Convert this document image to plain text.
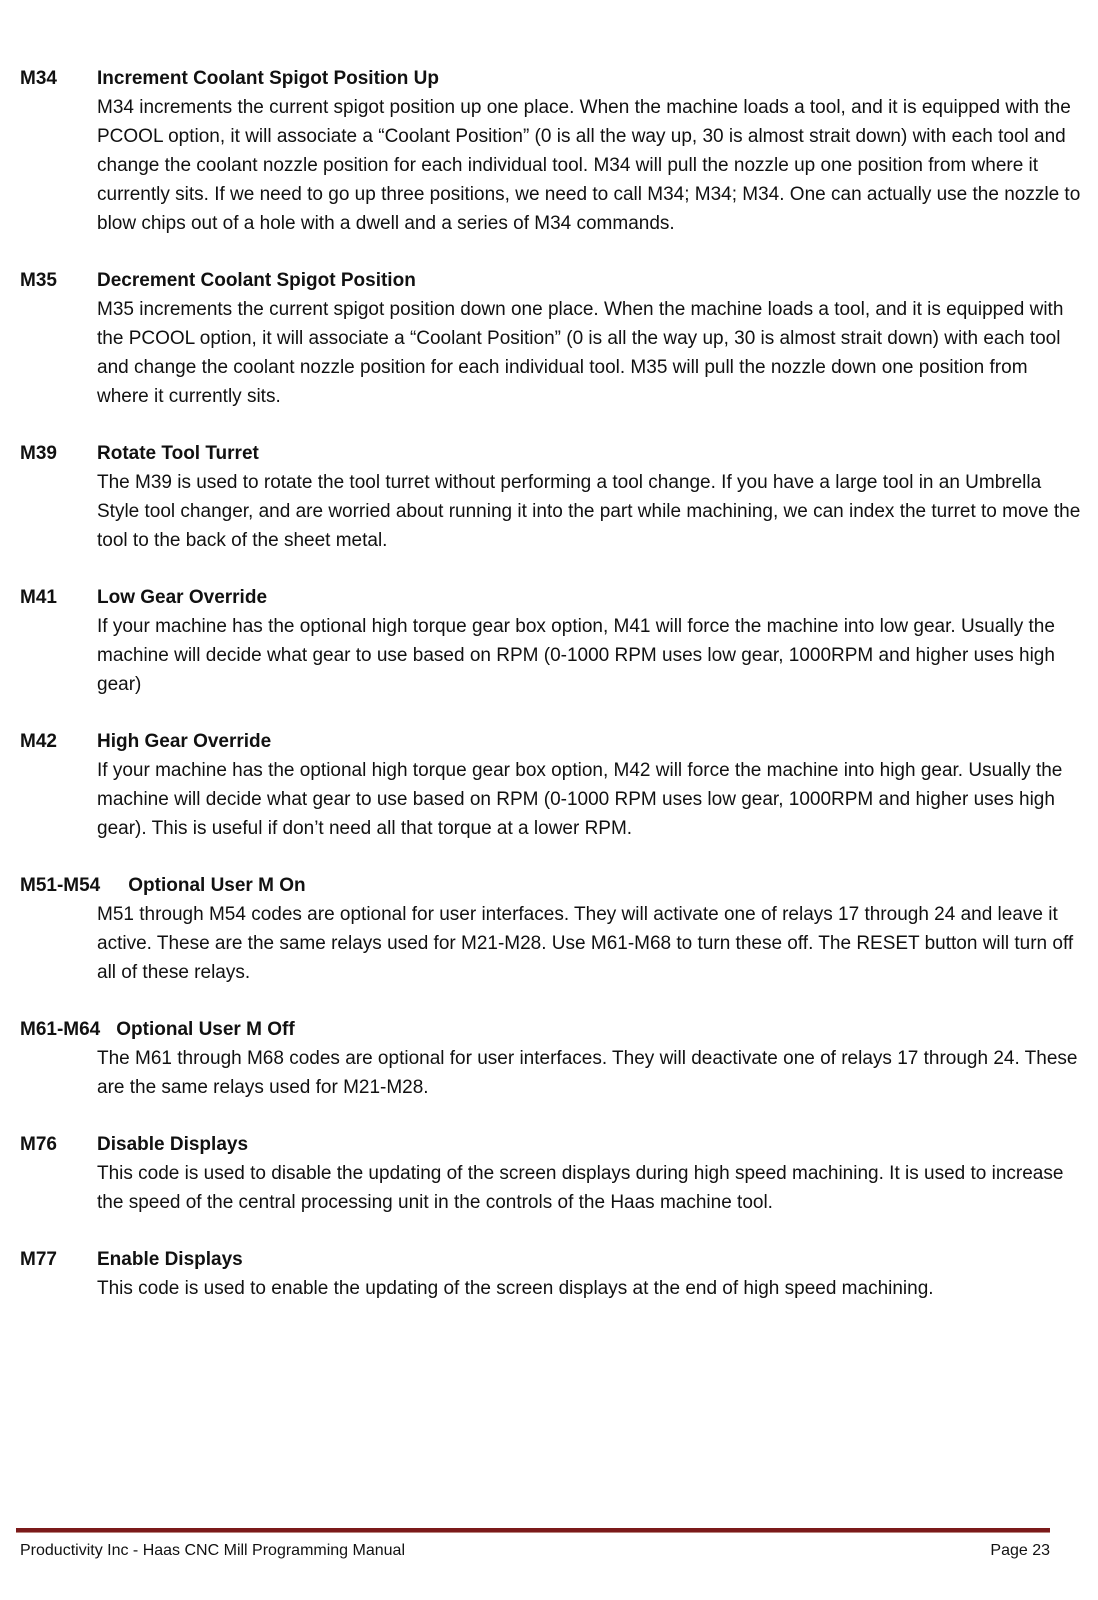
M34	Increment Coolant Spigot Position Up

M34 increments the current spigot position up one place. When the machine loads a tool, and it is equipped with the PCOOL option, it will associate a “Coolant Position” (0 is all the way up, 30 is almost strait down) with each tool and change the coolant nozzle position for each individual tool. M34 will pull the nozzle up one position from where it currently sits. If we need to go up three positions, we need to call M34; M34; M34. One can actually use the nozzle to blow chips out of a hole with a dwell and a series of M34 commands.

M35	Decrement Coolant Spigot Position

M35 increments the current spigot position down one place. When the machine loads a tool, and it is equipped with the PCOOL option, it will associate a “Coolant Position” (0 is all the way up, 30 is almost strait down) with each tool and change the coolant nozzle position for each individual tool. M35 will pull the nozzle down one position from where it currently sits.

M39	Rotate Tool Turret

The M39 is used to rotate the tool turret without performing a tool change. If you have a large tool in an Umbrella Style tool changer, and are worried about running it into the part while machining, we can index the turret to move the tool to the back of the sheet metal.

M41	Low Gear Override

If your machine has the optional high torque gear box option, M41 will force the machine into low gear. Usually the machine will decide what gear to use based on RPM (0-1000 RPM uses low gear, 1000RPM and higher uses high gear)

M42	High Gear Override

If your machine has the optional high torque gear box option, M42 will force the machine into high gear. Usually the machine will decide what gear to use based on RPM (0-1000 RPM uses low gear, 1000RPM and higher uses high gear). This is useful if don’t need all that torque at a lower RPM.

M51-M54 Optional User M On

M51 through M54 codes are optional for user interfaces. They will activate one of relays 17 through 24 and leave it active. These are the same relays used for M21-M28. Use M61-M68 to turn these off. The RESET button will turn off all of these relays.

M61-M64 Optional User M Off

The M61 through M68 codes are optional for user interfaces. They will deactivate one of relays 17 through 24. These are the same relays used for M21-M28.

M76	Disable Displays

This code is used to disable the updating of the screen displays during high speed machining. It is used to increase the speed of the central processing unit in the controls of the Haas machine tool.

M77	Enable Displays

This code is used to enable the updating of the screen displays at the end of high speed machining.

Productivity Inc - Haas CNC Mill Programming Manual	Page 23
